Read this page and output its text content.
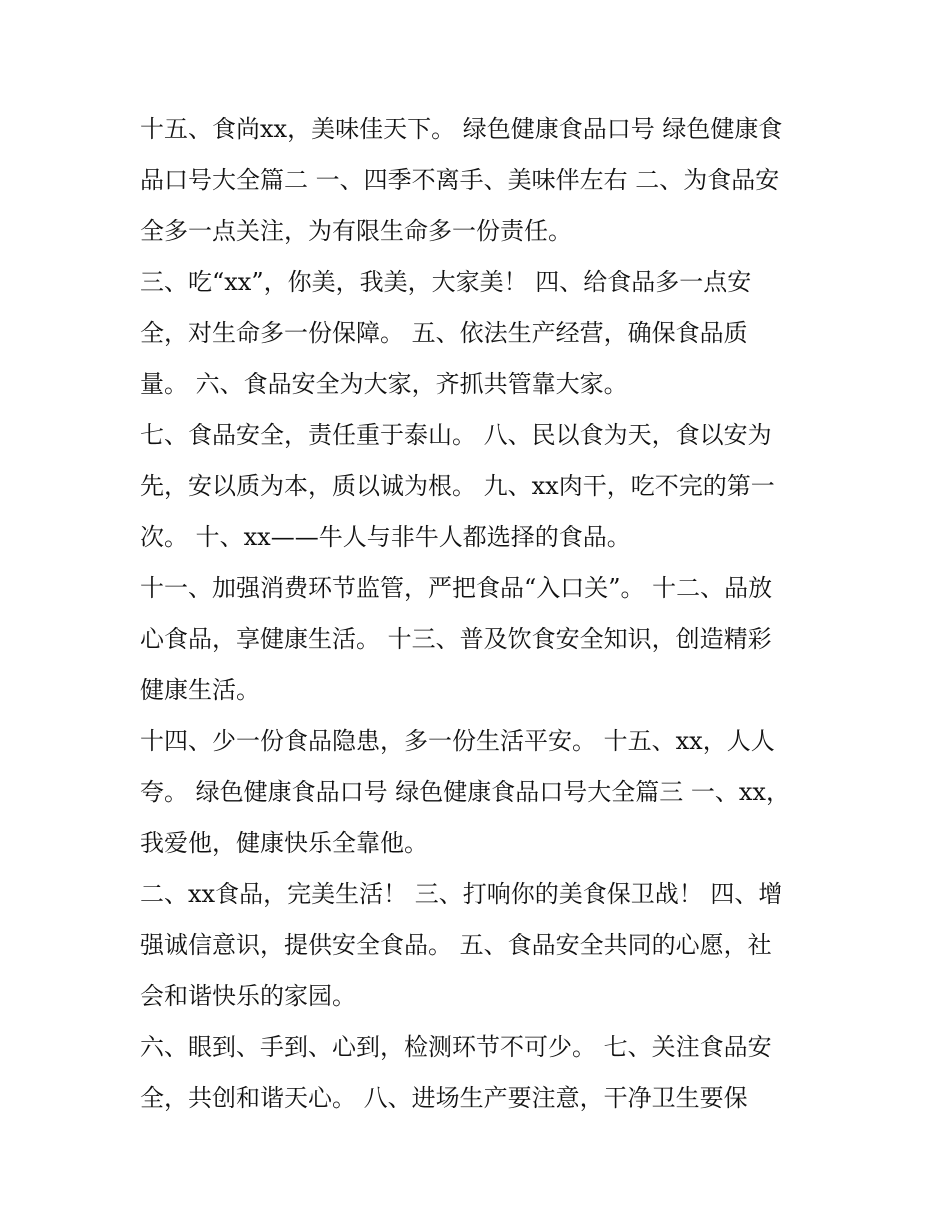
十五、食尚xx，美味佳天下。 绿色健康食品口号 绿色健康食
品口号大全篇二 一、四季不离手、美味伴左右 二、为食品安
全多一点关注，为有限生命多一份责任。
三、吃“xx”，你美，我美，大家美！ 四、给食品多一点安
全，对生命多一份保障。 五、依法生产经营，确保食品质
量。 六、食品安全为大家，齐抓共管靠大家。
七、食品安全，责任重于泰山。 八、民以食为天，食以安为
先，安以质为本，质以诚为根。 九、xx肉干，吃不完的第一
次。 十、xx——牛人与非牛人都选择的食品。
十一、加强消费环节监管，严把食品“入口关”。 十二、品放
心食品，享健康生活。 十三、普及饮食安全知识，创造精彩
健康生活。
十四、少一份食品隐患，多一份生活平安。 十五、xx，人人
夸。 绿色健康食品口号 绿色健康食品口号大全篇三 一、xx，
我爱他，健康快乐全靠他。
二、xx食品，完美生活！ 三、打响你的美食保卫战！ 四、增
强诚信意识，提供安全食品。 五、食品安全共同的心愿，社
会和谐快乐的家园。
六、眼到、手到、心到，检测环节不可少。 七、关注食品安
全，共创和谐天心。 八、进场生产要注意，干净卫生要保
